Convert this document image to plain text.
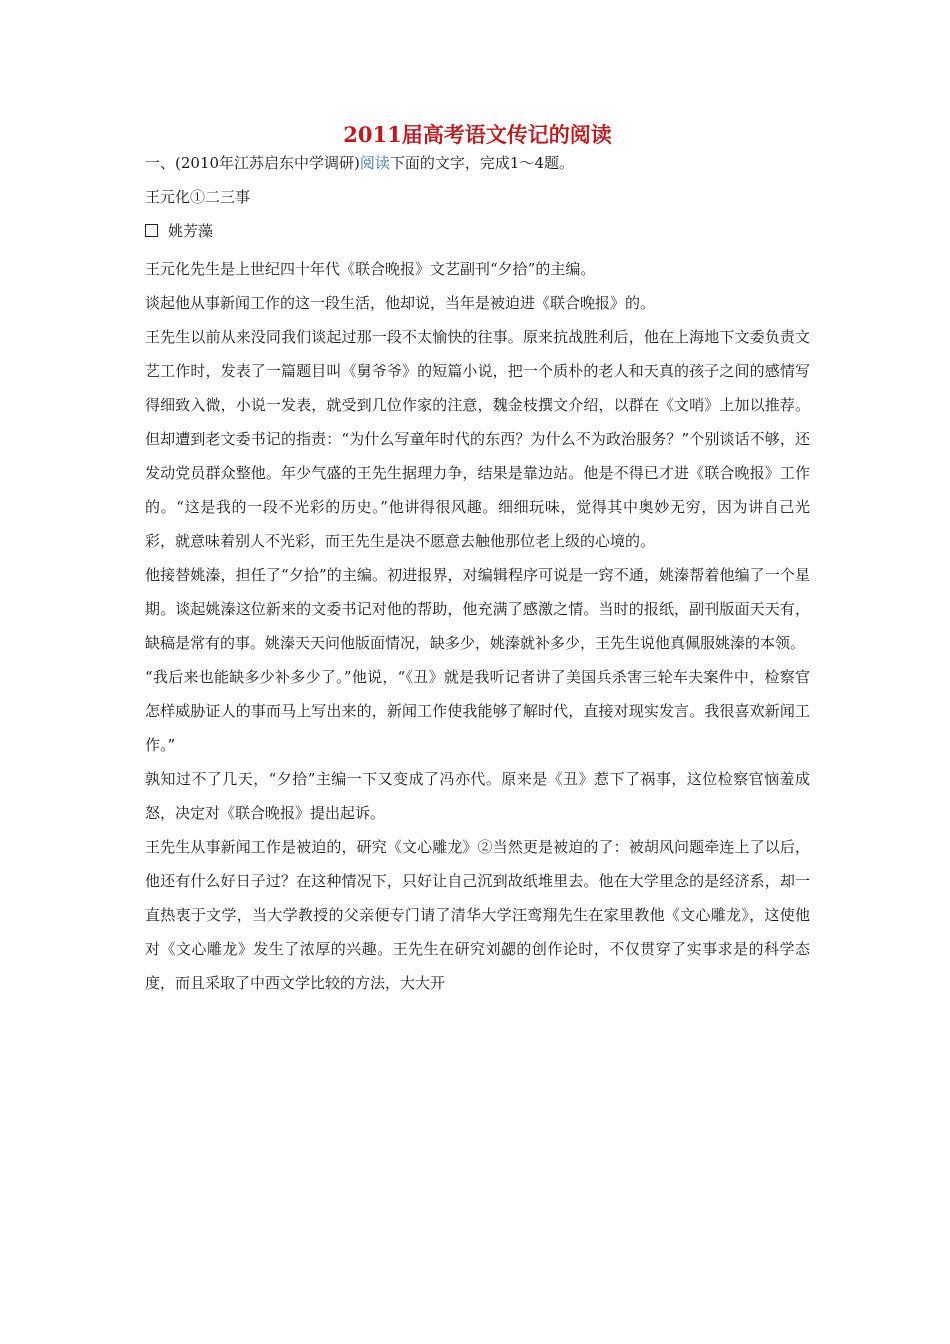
2011届高考语文传记的阅读
一、(2010年江苏启东中学调研)阅读下面的文字，完成1～4题。
王元化①二三事
姚芳藻

王元化先生是上世纪四十年代《联合晚报》文艺副刊“夕拾”的主编。

谈起他从事新闻工作的这一段生活，他却说，当年是被迫进《联合晚报》的。

王先生以前从来没同我们谈起过那一段不太愉快的往事。原来抗战胜利后，他在上海地下文委负责文艺工作时，发表了一篇题目叫《舅爷爷》的短篇小说，把一个质朴的老人和天真的孩子之间的感情写得细致入微，小说一发表，就受到几位作家的注意，魏金枝撰文介绍，以群在《文哨》上加以推荐。但却遭到老文委书记的指责：“为什么写童年时代的东西？为什么不为政治服务？”个别谈话不够，还发动党员群众整他。年少气盛的王先生据理力争，结果是靠边站。他是不得已才进《联合晚报》工作的。“这是我的一段不光彩的历史。”他讲得很风趣。细细玩味，觉得其中奥妙无穷，因为讲自己光彩，就意味着别人不光彩，而王先生是决不愿意去触他那位老上级的心境的。

他接替姚溱，担任了“夕拾”的主编。初进报界，对编辑程序可说是一窍不通，姚溱帮着他编了一个星期。谈起姚溱这位新来的文委书记对他的帮助，他充满了感激之情。当时的报纸，副刊版面天天有，缺稿是常有的事。姚溱天天问他版面情况，缺多少，姚溱就补多少，王先生说他真佩服姚溱的本领。

“我后来也能缺多少补多少了。”他说，“《丑》就是我听记者讲了美国兵杀害三轮车夫案件中，检察官怎样威胁证人的事而马上写出来的，新闻工作使我能够了解时代，直接对现实发言。我很喜欢新闻工作。”

孰知过不了几天，“夕拾”主编一下又变成了冯亦代。原来是《丑》惹下了祸事，这位检察官恼羞成怒，决定对《联合晚报》提出起诉。

王先生从事新闻工作是被迫的，研究《文心雕龙》②当然更是被迫的了：被胡风问题牵连上了以后，他还有什么好日子过？在这种情况下，只好让自己沉到故纸堆里去。他在大学里念的是经济系，却一直热衷于文学，当大学教授的父亲便专门请了清华大学汪鸾翔先生在家里教他《文心雕龙》，这使他对《文心雕龙》发生了浓厚的兴趣。王先生在研究刘勰的创作论时，不仅贯穿了实事求是的科学态度，而且采取了中西文学比较的方法，大大开
